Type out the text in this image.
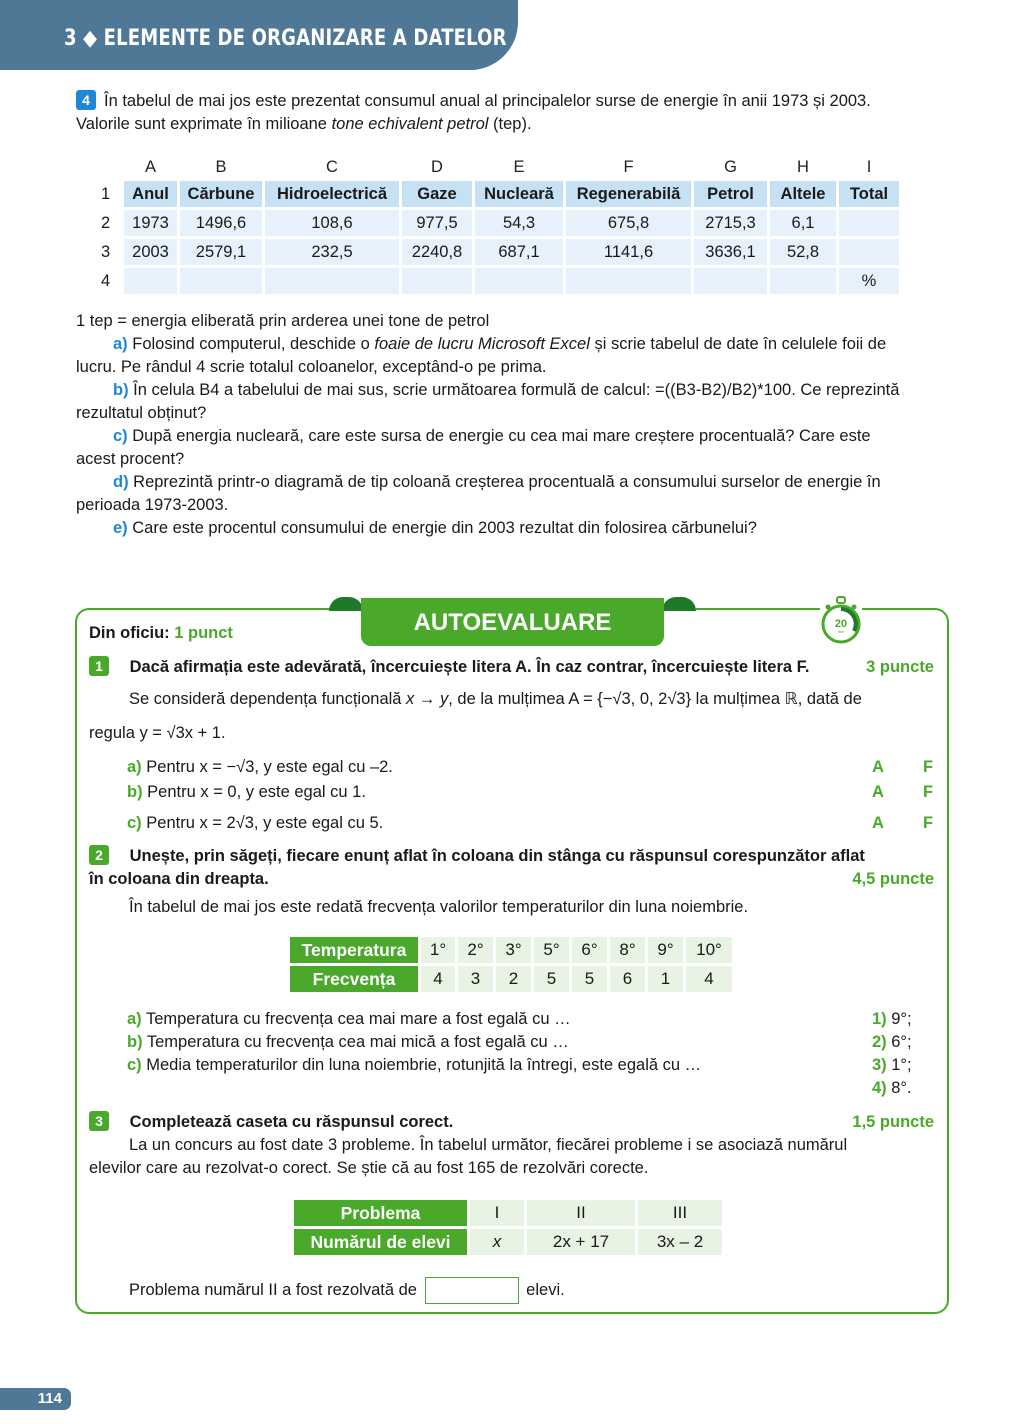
3 ◆ ELEMENTE DE ORGANIZARE A DATELOR
4 În tabelul de mai jos este prezentat consumul anual al principalelor surse de energie în anii 1973 și 2003.
Valorile sunt exprimate în milioane tone echivalent petrol (tep).
	A	B	C	D	E	F	G	H	I
1	Anul	Cărbune	Hidroelectrică	Gaze	Nucleară	Regenerabilă	Petrol	Altele	Total
2	1973	1496,6	108,6	977,5	54,3	675,8	2715,3	6,1	
3	2003	2579,1	232,5	2240,8	687,1	1141,6	3636,1	52,8	
4									%
1 tep = energia eliberată prin arderea unei tone de petrol
a) Folosind computerul, deschide o foaie de lucru Microsoft Excel și scrie tabelul de date în celulele foii de
lucru. Pe rândul 4 scrie totalul coloanelor, exceptând-o pe prima.
b) În celula B4 a tabelului de mai sus, scrie următoarea formulă de calcul: =((B3-B2)/B2)*100. Ce reprezintă
rezultatul obținut?
c) După energia nucleară, care este sursa de energie cu cea mai mare creștere procentuală? Care este
acest procent?
d) Reprezintă printr-o diagramă de tip coloană creșterea procentuală a consumului surselor de energie în
perioada 1973-2003.
e) Care este procentul consumului de energie din 2003 rezultat din folosirea cărbunelui?
AUTOEVALUARE	20
min
Din oficiu: 1 punct
1 Dacă afirmația este adevărată, încercuiește litera A. În caz contrar, încercuiește litera F.	3 puncte
Se consideră dependența funcțională x → y, de la mulțimea A = {−√3, 0, 2√3} la mulțimea ℝ, dată de
regula y = √3x + 1.
a) Pentru x = −√3, y este egal cu –2.
b) Pentru x = 0, y este egal cu 1.
c) Pentru x = 2√3, y este egal cu 5.
A F
A F
A F
2 Unește, prin săgeți, fiecare enunț aflat în coloana din stânga cu răspunsul corespunzător aflat
în coloana din dreapta.	4,5 puncte
În tabelul de mai jos este redată frecvența valorilor temperaturilor din luna noiembrie.
Temperatura	1°	2°	3°	5°	6°	8°	9°	10°
Frecvența	4	3	2	5	5	6	1	4
a) Temperatura cu frecvența cea mai mare a fost egală cu …
b) Temperatura cu frecvența cea mai mică a fost egală cu …
c) Media temperaturilor din luna noiembrie, rotunjită la întregi, este egală cu …
1) 9°;
2) 6°;
3) 1°;
4) 8°.
3 Completează caseta cu răspunsul corect.	1,5 puncte
La un concurs au fost date 3 probleme. În tabelul următor, fiecărei probleme i se asociază numărul
elevilor care au rezolvat-o corect. Se știe că au fost 165 de rezolvări corecte.
Problema	I	II	III
Numărul de elevi	x	2x + 17	3x – 2
Problema numărul II a fost rezolvată de	elevi.
114
